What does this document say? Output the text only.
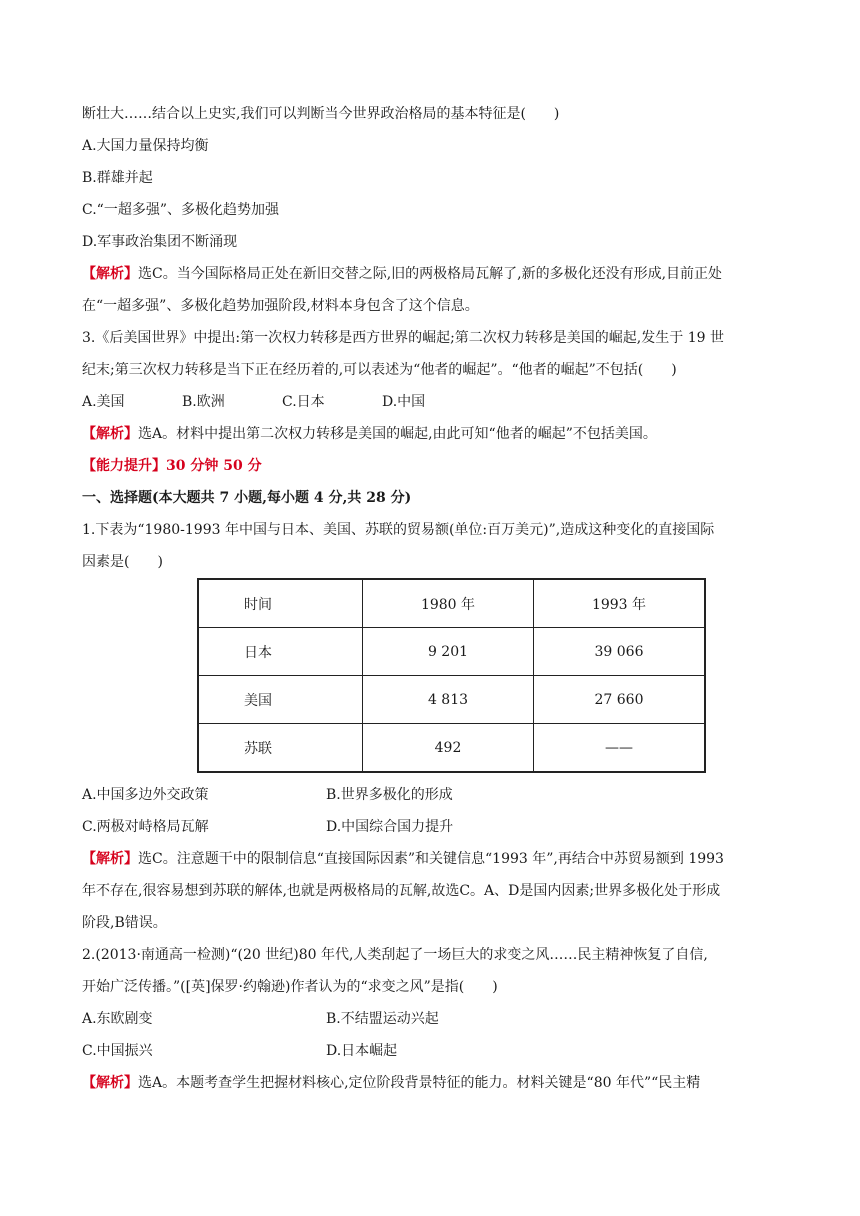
断壮大……结合以上史实,我们可以判断当今世界政治格局的基本特征是(　　)

A.大国力量保持均衡

B.群雄并起

C.“一超多强”、多极化趋势加强

D.军事政治集团不断涌现

【解析】选C。当今国际格局正处在新旧交替之际,旧的两极格局瓦解了,新的多极化还没有形成,目前正处

在“一超多强”、多极化趋势加强阶段,材料本身包含了这个信息。

3.《后美国世界》中提出:第一次权力转移是西方世界的崛起;第二次权力转移是美国的崛起,发生于 19 世

纪末;第三次权力转移是当下正在经历着的,可以表述为“他者的崛起”。“他者的崛起”不包括(　　)

A.美国	B.欧洲	C.日本	D.中国

【解析】选A。材料中提出第二次权力转移是美国的崛起,由此可知“他者的崛起”不包括美国。

【能力提升】30 分钟 50 分

一、选择题(本大题共 7 小题,每小题 4 分,共 28 分)

1.下表为“1980-1993 年中国与日本、美国、苏联的贸易额(单位:百万美元)”,造成这种变化的直接国际

因素是(　　)

时间	1980 年	1993 年
日本	9 201	39 066
美国	4 813	27 660
苏联	492	——
A.中国多边外交政策	B.世界多极化的形成
C.两极对峙格局瓦解	D.中国综合国力提升

【解析】选C。注意题干中的限制信息“直接国际因素”和关键信息“1993 年”,再结合中苏贸易额到 1993

年不存在,很容易想到苏联的解体,也就是两极格局的瓦解,故选C。A、D是国内因素;世界多极化处于形成

阶段,B错误。

2.(2013·南通高一检测)“(20 世纪)80 年代,人类刮起了一场巨大的求变之风……民主精神恢复了自信,

开始广泛传播。”([英]保罗·约翰逊)作者认为的“求变之风”是指(　　)

A.东欧剧变	B.不结盟运动兴起
C.中国振兴	D.日本崛起

【解析】选A。本题考查学生把握材料核心,定位阶段背景特征的能力。材料关键是“80 年代”“民主精
